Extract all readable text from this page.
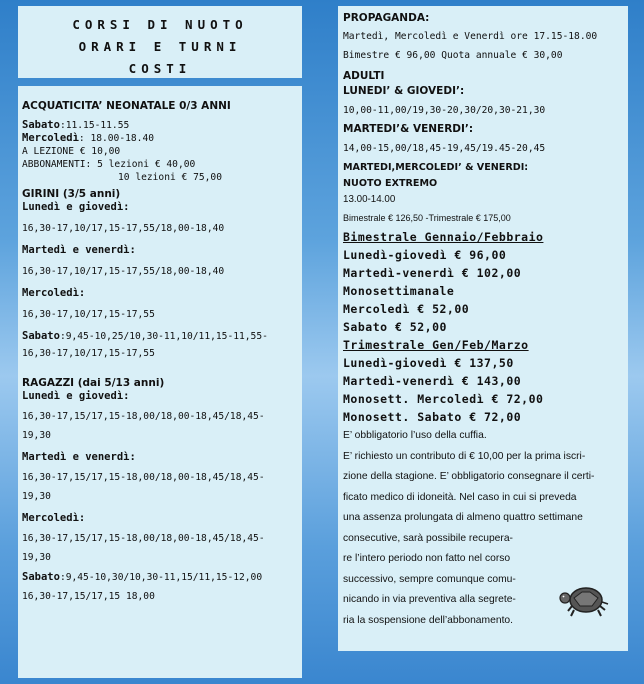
CORSI DI NUOTO
ORARI E TURNI
COSTI
ACQUATICITA’ NEONATALE 0/3 ANNI
Sabato:11.15-11.55
Mercoledì: 18.00-18.40
A LEZIONE € 10,00
ABBONAMENTI: 5 lezioni € 40,00
10 lezioni € 75,00
GIRINI (3/5 anni)
Lunedì e giovedì:
16,30-17,10/17,15-17,55/18,00-18,40
Martedì e venerdì:
16,30-17,10/17,15-17,55/18,00-18,40
Mercoledì:
16,30-17,10/17,15-17,55
Sabato:9,45-10,25/10,30-11,10/11,15-11,55-
16,30-17,10/17,15-17,55
RAGAZZI (dai 5/13 anni)
Lunedì e giovedì:
16,30-17,15/17,15-18,00/18,00-18,45/18,45-
19,30
Martedì e venerdì:
16,30-17,15/17,15-18,00/18,00-18,45/18,45-
19,30
Mercoledì:
16,30-17,15/17,15-18,00/18,00-18,45/18,45-
19,30
Sabato:9,45-10,30/10,30-11,15/11,15-12,00
16,30-17,15/17,15 18,00
PROPAGANDA:
Martedì, Mercoledì e Venerdì ore 17.15-18.00
Bimestre € 96,00 Quota annuale € 30,00
ADULTI
LUNEDI’ & GIOVEDI’:
10,00-11,00/19,30-20,30/20,30-21,30
MARTEDI’& VENERDI’:
14,00-15,00/18,45-19,45/19.45-20,45
MARTEDI,MERCOLEDI’ & VENERDI:
NUOTO EXTREMO
13.00-14.00
Bimestrale € 126,50 -Trimestrale € 175,00
Bimestrale Gennaio/Febbraio
Lunedì-giovedì € 96,00
Martedì-venerdì € 102,00
Monosettimanale
Mercoledì € 52,00
Sabato € 52,00
Trimestrale Gen/Feb/Marzo
Lunedì-giovedì € 137,50
Martedì-venerdì € 143,00
Monosett. Mercoledì € 72,00
Monosett. Sabato € 72,00
E’ obbligatorio l’uso della cuffia.
E’ richiesto un contributo di € 10,00 per la prima iscri-
zione della stagione. E’ obbligatorio consegnare il certi-
ficato medico di idoneità. Nel caso in cui si preveda
una assenza prolungata di almeno quattro settimane
consecutive, sarà possibile recupera-
re l’intero periodo non fatto nel corso
successivo, sempre comunque comu-
nicando in via preventiva alla segrete-
ria la sospensione dell’abbonamento.
